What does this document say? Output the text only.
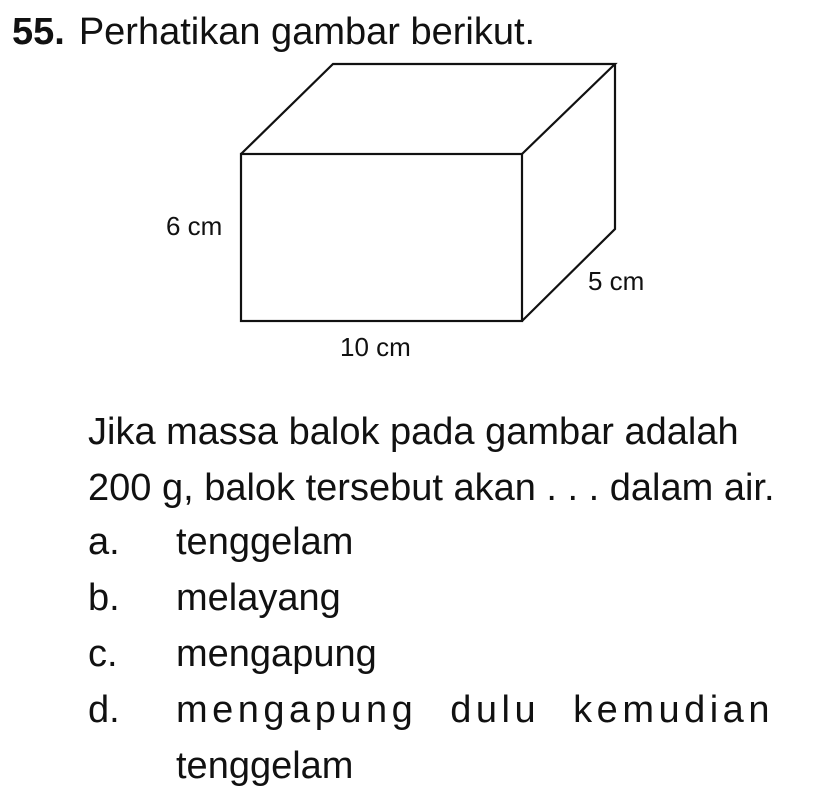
55. Perhatikan gambar berikut.
6 cm
5 cm
10 cm
Jika massa balok pada gambar adalah
200 g, balok tersebut akan . . . dalam air.
a.	tenggelam
b.	melayang
c.	mengapung
d.	mengapung dulu kemudian
tenggelam
